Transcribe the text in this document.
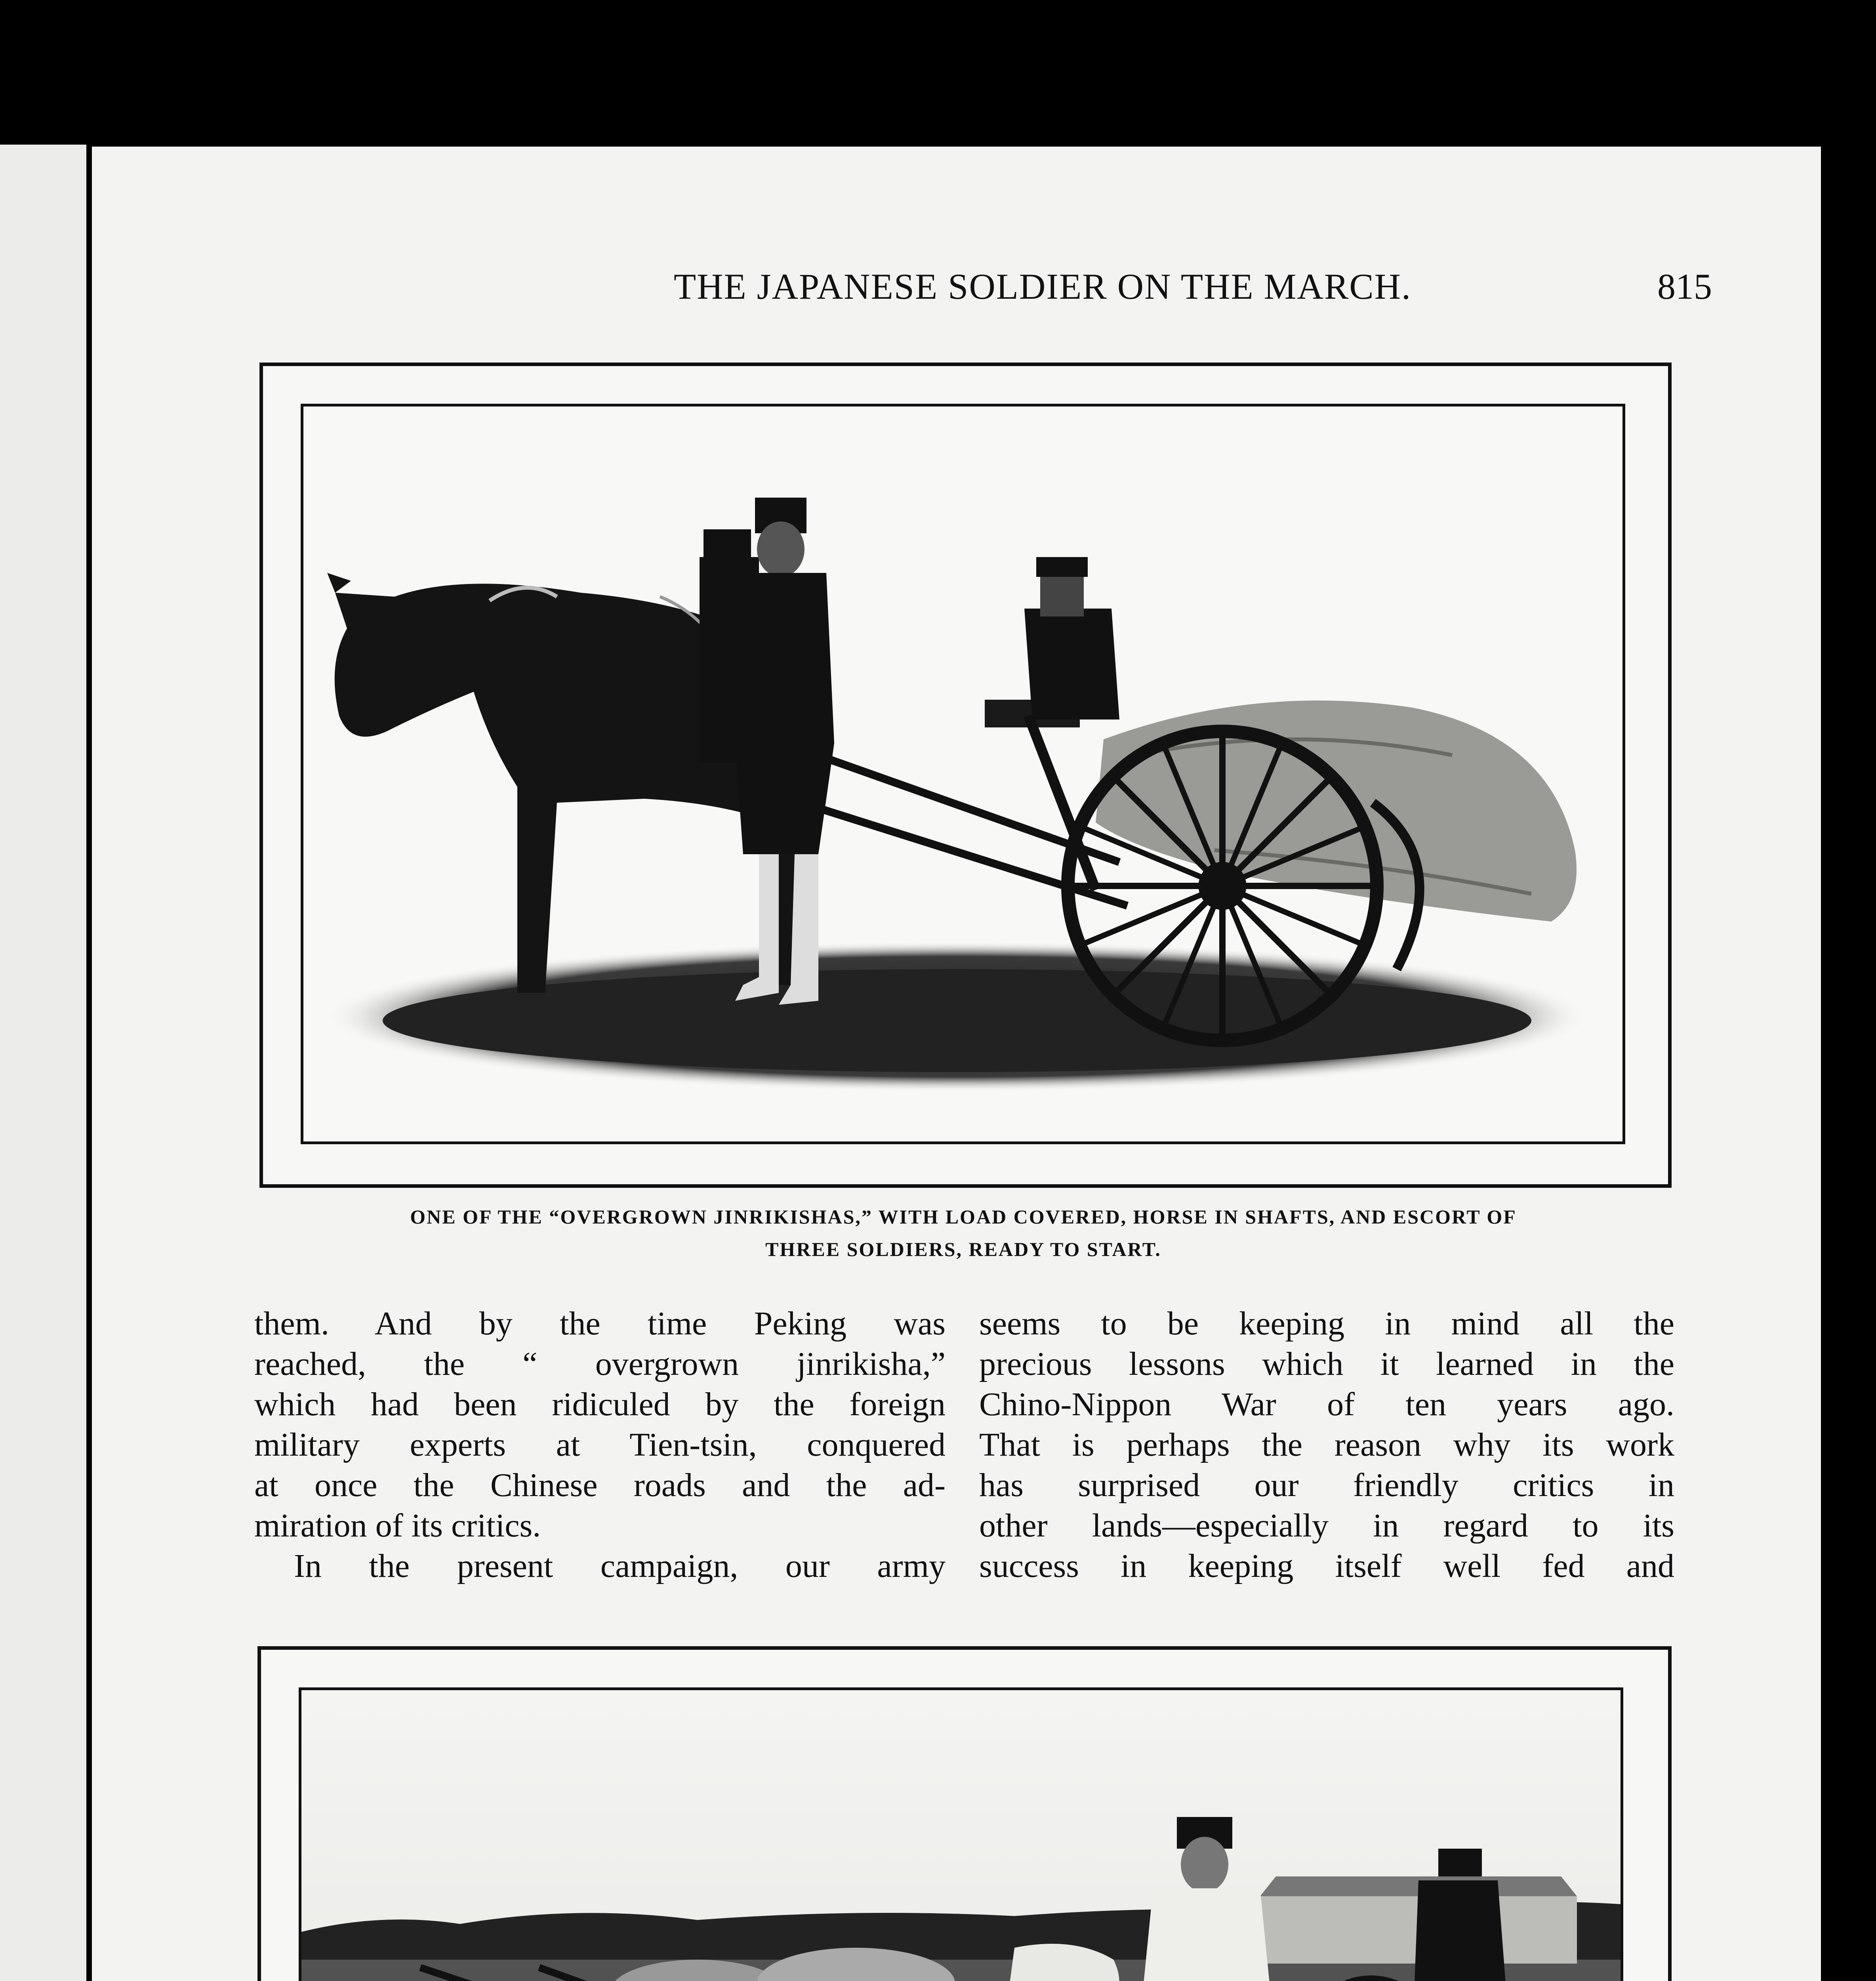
THE JAPANESE SOLDIER ON THE MARCH.	815
ONE OF THE “OVERGROWN JINRIKISHAS,” WITH LOAD COVERED, HORSE IN SHAFTS, AND ESCORT OF
THREE SOLDIERS, READY TO START.
them. And by the time Peking was
reached, the “ overgrown jinrikisha,”
which had been ridiculed by the foreign
military experts at Tien-tsin, conquered
at once the Chinese roads and the ad-
miration of its critics.
In the present campaign, our army
seems to be keeping in mind all the
precious lessons which it learned in the
Chino-Nippon War of ten years ago.
That is perhaps the reason why its work
has surprised our friendly critics in
other lands—especially in regard to its
success in keeping itself well fed and
